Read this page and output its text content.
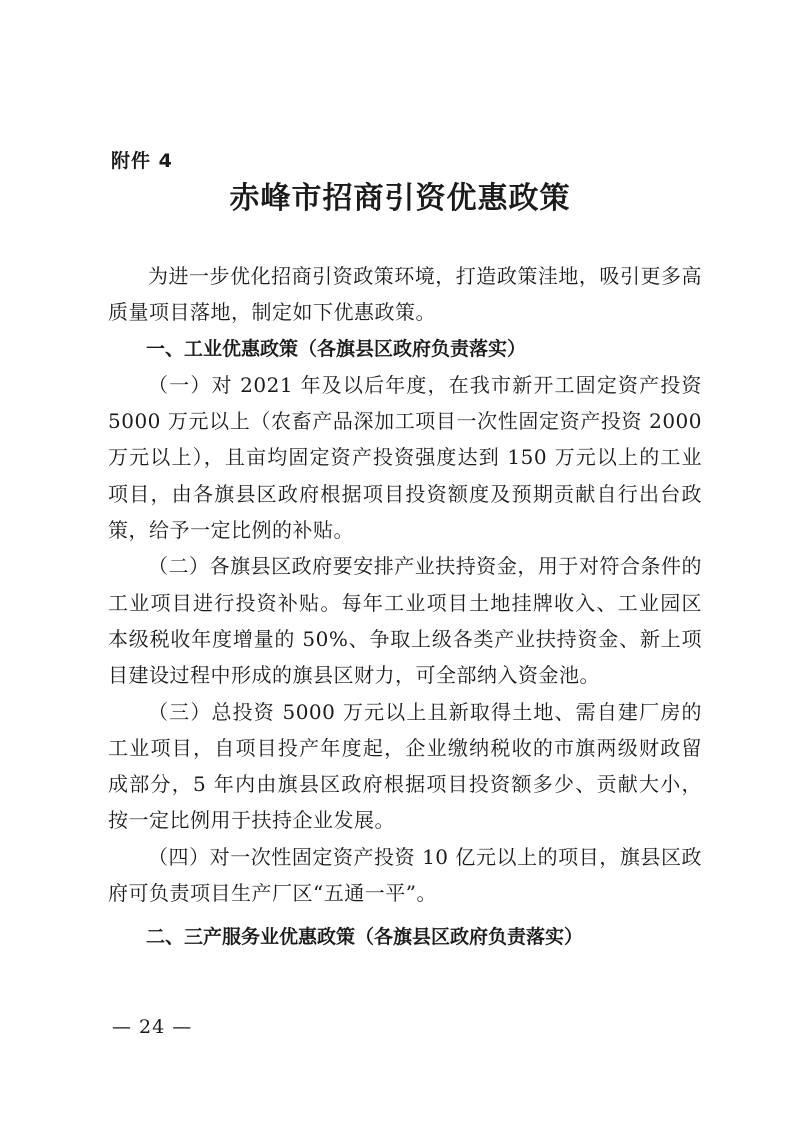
附件 4
赤峰市招商引资优惠政策

为进一步优化招商引资政策环境，打造政策洼地，吸引更多高质量项目落地，制定如下优惠政策。

一、工业优惠政策（各旗县区政府负责落实）

（一）对 2021 年及以后年度，在我市新开工固定资产投资 5000 万元以上（农畜产品深加工项目一次性固定资产投资 2000 万元以上），且亩均固定资产投资强度达到 150 万元以上的工业项目，由各旗县区政府根据项目投资额度及预期贡献自行出台政策，给予一定比例的补贴。

（二）各旗县区政府要安排产业扶持资金，用于对符合条件的工业项目进行投资补贴。每年工业项目土地挂牌收入、工业园区本级税收年度增量的 50%、争取上级各类产业扶持资金、新上项目建设过程中形成的旗县区财力，可全部纳入资金池。

（三）总投资 5000 万元以上且新取得土地、需自建厂房的工业项目，自项目投产年度起，企业缴纳税收的市旗两级财政留成部分，5 年内由旗县区政府根据项目投资额多少、贡献大小，按一定比例用于扶持企业发展。

（四）对一次性固定资产投资 10 亿元以上的项目，旗县区政府可负责项目生产厂区“五通一平”。

二、三产服务业优惠政策（各旗县区政府负责落实）

— 24 —
